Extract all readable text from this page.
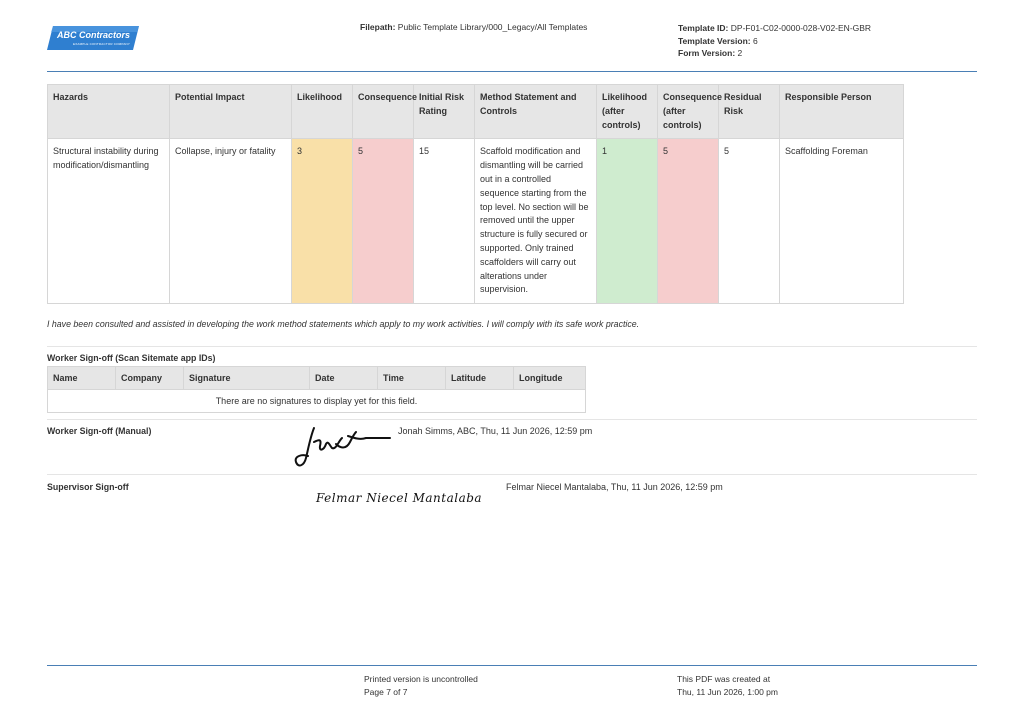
ABC Contractors
EXAMPLE CONTRACTOR COMPANY
Filepath: Public Template Library/000_Legacy/All Templates	Template ID: DP-F01-C02-0000-028-V02-EN-GBR
Template Version: 6
Form Version: 2
Hazards	Potential Impact	Likelihood	Consequence	Initial Risk Rating	Method Statement and Controls	Likelihood (after controls)	Consequence (after controls)	Residual Risk	Responsible Person
Structural instability during modification/dismantling	Collapse, injury or fatality	3	5	15	Scaffold modification and dismantling will be carried out in a controlled sequence starting from the top level. No section will be removed until the upper structure is fully secured or supported. Only trained scaffolders will carry out alterations under supervision.	1	5	5	Scaffolding Foreman
I have been consulted and assisted in developing the work method statements which apply to my work activities. I will comply with its safe work practice.
Worker Sign-off (Scan Sitemate app IDs)
Name	Company	Signature	Date	Time	Latitude	Longitude
There are no signatures to display yet for this field.
Worker Sign-off (Manual)	Jonah Simms, ABC, Thu, 11 Jun 2026, 12:59 pm
Supervisor Sign-off
Felmar Niecel Mantalaba
Felmar Niecel Mantalaba, Thu, 11 Jun 2026, 12:59 pm
Printed version is uncontrolled
Page 7 of 7
This PDF was created at
Thu, 11 Jun 2026, 1:00 pm
